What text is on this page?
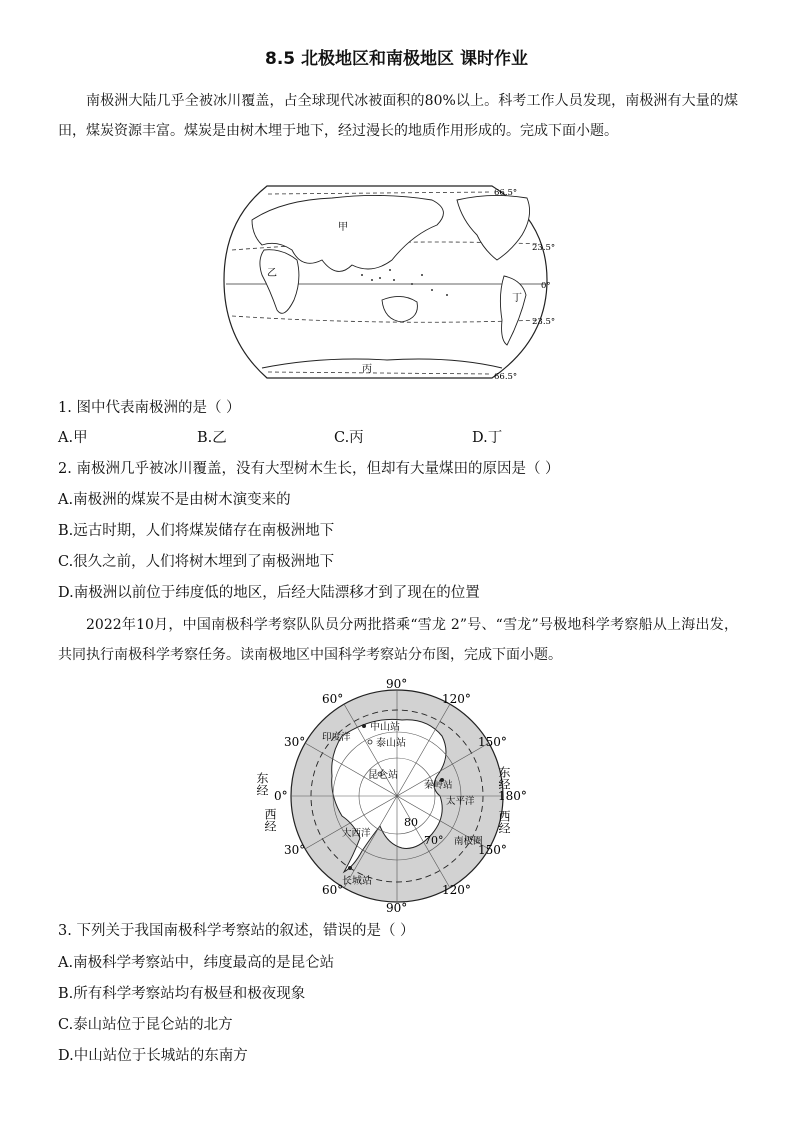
8.5 北极地区和南极地区 课时作业
南极洲大陆几乎全被冰川覆盖，占全球现代冰被面积的80%以上。科考工作人员发现，南极洲有大量的煤田，煤炭资源丰富。煤炭是由树木埋于地下，经过漫长的地质作用形成的。完成下面小题。
甲
乙
丙
丁
66.5°
23.5°
0°
23.5°
66.5°
1. 图中代表南极洲的是（ ）
A.甲	B.乙	C.丙	D.丁
2. 南极洲几乎被冰川覆盖，没有大型树木生长，但却有大量煤田的原因是（ ）
A.南极洲的煤炭不是由树木演变来的
B.远古时期，人们将煤炭储存在南极洲地下
C.很久之前，人们将树木埋到了南极洲地下
D.南极洲以前位于纬度低的地区，后经大陆漂移才到了现在的位置
2022年10月，中国南极科学考察队队员分两批搭乘“雪龙 2”号、“雪龙”号极地科学考察船从上海出发，共同执行南极科学考察任务。读南极地区中国科学考察站分布图，完成下面小题。
90°
120°
150°
180°
150°
120°
90°
60°
30°
0°
30°
60°
东经
西经
东经
西经
80
70°
印度洋
太平洋
大西洋
南极圈
中山站
泰山站
昆仑站
秦岭站
长城站
3. 下列关于我国南极科学考察站的叙述，错误的是（ ）
A.南极科学考察站中，纬度最高的是昆仑站
B.所有科学考察站均有极昼和极夜现象
C.泰山站位于昆仑站的北方
D.中山站位于长城站的东南方
